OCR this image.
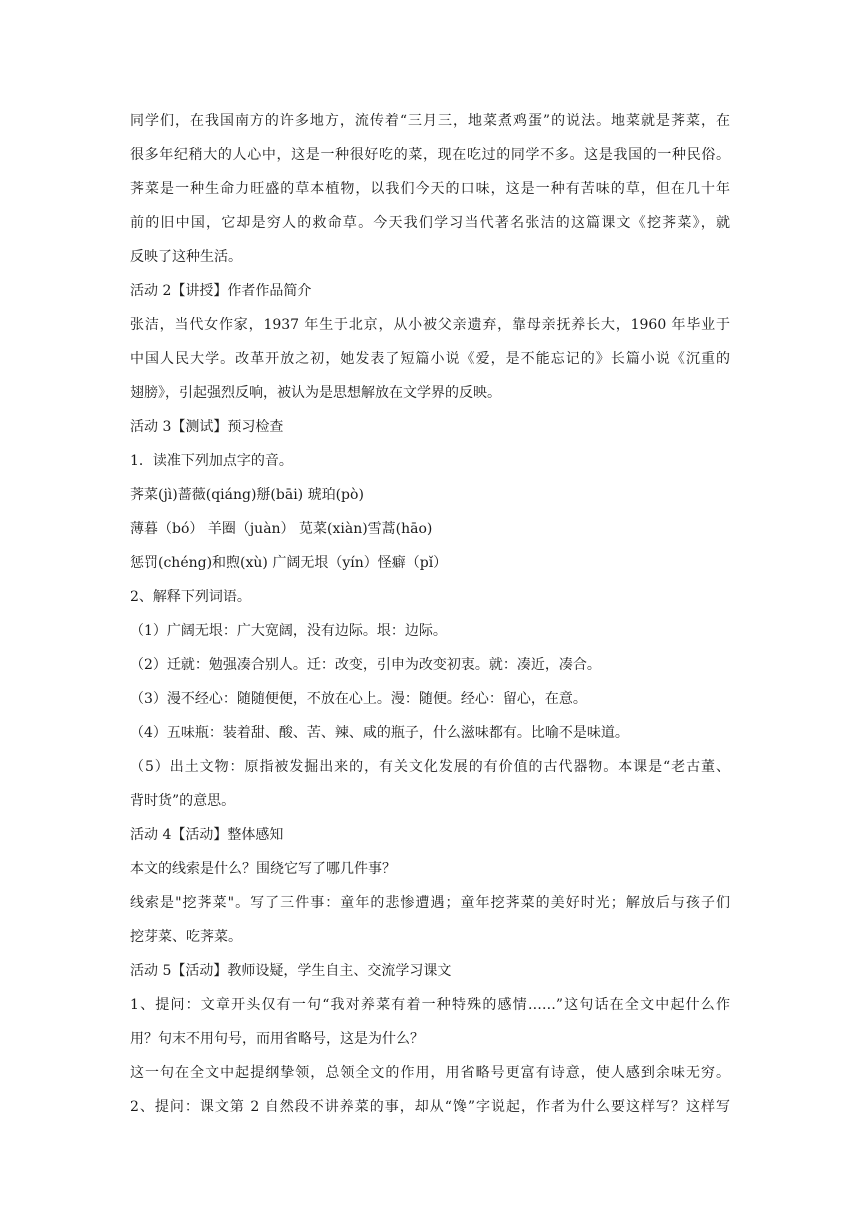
同学们，在我国南方的许多地方，流传着“三月三，地菜煮鸡蛋”的说法。地菜就是荠菜，在
很多年纪稍大的人心中，这是一种很好吃的菜，现在吃过的同学不多。这是我国的一种民俗。
荠菜是一种生命力旺盛的草本植物，以我们今天的口味，这是一种有苦味的草，但在几十年
前的旧中国，它却是穷人的救命草。今天我们学习当代著名张洁的这篇课文《挖荠菜》，就
反映了这种生活。
活动 2【讲授】作者作品简介
张洁，当代女作家，1937 年生于北京，从小被父亲遗弃，靠母亲抚养长大，1960 年毕业于
中国人民大学。改革开放之初，她发表了短篇小说《爱，是不能忘记的》长篇小说《沉重的
翅膀》，引起强烈反响，被认为是思想解放在文学界的反映。
活动 3【测试】预习检查
1．读准下列加点字的音。
荠菜(jì)蔷薇(qiáng)掰(bāi) 琥珀(pò)
薄暮（bó） 羊圈（juàn） 苋菜(xiàn)雪蒿(hāo)
惩罚(chéng)和煦(xù) 广阔无垠（yín）怪癖（pǐ）
2、解释下列词语。
（1）广阔无垠：广大宽阔，没有边际。垠：边际。
（2）迁就：勉强凑合别人。迁：改变，引申为改变初衷。就：凑近，凑合。
（3）漫不经心：随随便便，不放在心上。漫：随便。经心：留心，在意。
（4）五味瓶：装着甜、酸、苦、辣、咸的瓶子，什么滋味都有。比喻不是味道。
（5）出土文物：原指被发掘出来的，有关文化发展的有价值的古代器物。本课是“老古董、
背时货”的意思。
活动 4【活动】整体感知
本文的线索是什么？围绕它写了哪几件事？
线索是"挖荠菜"。写了三件事：童年的悲惨遭遇；童年挖荠菜的美好时光；解放后与孩子们
挖芽菜、吃荠菜。
活动 5【活动】教师设疑，学生自主、交流学习课文
1、提问：文章开头仅有一句“我对养菜有着一种特殊的感情……”这句话在全文中起什么作
用？句末不用句号，而用省略号，这是为什么？
这一句在全文中起提纲挚领，总领全文的作用，用省略号更富有诗意，使人感到余味无穷。
2、提问：课文第 2 自然段不讲养菜的事，却从“馋”字说起，作者为什么要这样写？这样写
